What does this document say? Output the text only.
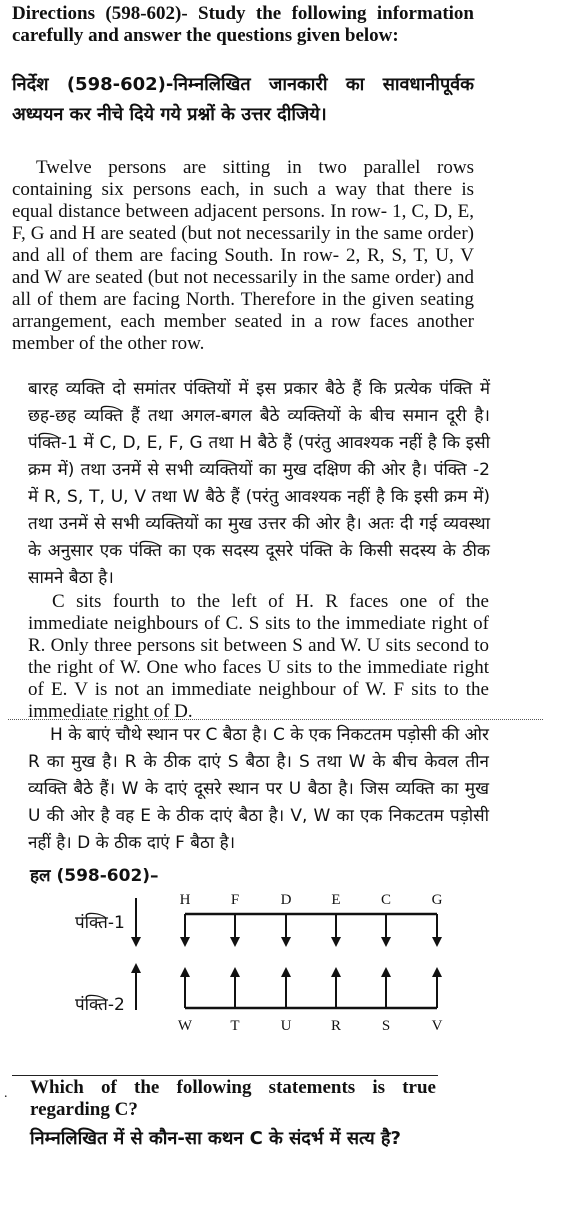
Directions (598-602)- Study the following information carefully and answer the questions given below:
निर्देश (598-602)-निम्नलिखित जानकारी का सावधानीपूर्वक अध्ययन कर नीचे दिये गये प्रश्नों के उत्तर दीजिये।
Twelve persons are sitting in two parallel rows containing six persons each, in such a way that there is equal distance between adjacent persons. In row- 1, C, D, E, F, G and H are seated (but not necessarily in the same order) and all of them are facing South. In row- 2, R, S, T, U, V and W are seated (but not necessarily in the same order) and all of them are facing North. Therefore in the given seating arrangement, each member seated in a row faces another member of the other row.
बारह व्यक्ति दो समांतर पंक्तियों में इस प्रकार बैठे हैं कि प्रत्येक पंक्ति में छह-छह व्यक्ति हैं तथा अगल-बगल बैठे व्यक्तियों के बीच समान दूरी है। पंक्ति-1 में C, D, E, F, G तथा H बैठे हैं (परंतु आवश्यक नहीं है कि इसी क्रम में) तथा उनमें से सभी व्यक्तियों का मुख दक्षिण की ओर है। पंक्ति -2 में R, S, T, U, V तथा W बैठे हैं (परंतु आवश्यक नहीं है कि इसी क्रम में) तथा उनमें से सभी व्यक्तियों का मुख उत्तर की ओर है। अतः दी गई व्यवस्था के अनुसार एक पंक्ति का एक सदस्य दूसरे पंक्ति के किसी सदस्य के ठीक सामने बैठा है।
C sits fourth to the left of H. R faces one of the immediate neighbours of C. S sits to the immediate right of R. Only three persons sit between S and W. U sits second to the right of W. One who faces U sits to the immediate right of E. V is not an immediate neighbour of W. F sits to the immediate right of D.
H के बाएं चौथे स्थान पर C बैठा है। C के एक निकटतम पड़ोसी की ओर R का मुख है। R के ठीक दाएं S बैठा है। S तथा W के बीच केवल तीन व्यक्ति बैठे हैं। W के दाएं दूसरे स्थान पर U बैठा है। जिस व्यक्ति का मुख U की ओर है वह E के ठीक दाएं बैठा है। V, W का एक निकटतम पड़ोसी नहीं है। D के ठीक दाएं F बैठा है।
हल (598-602)–
पंक्ति-1
पंक्ति-2
H	F	D	E	C	G
W	T	U	R	S	V
. Which of the following statements is true regarding C?
निम्नलिखित में से कौन-सा कथन C के संदर्भ में सत्य है?
